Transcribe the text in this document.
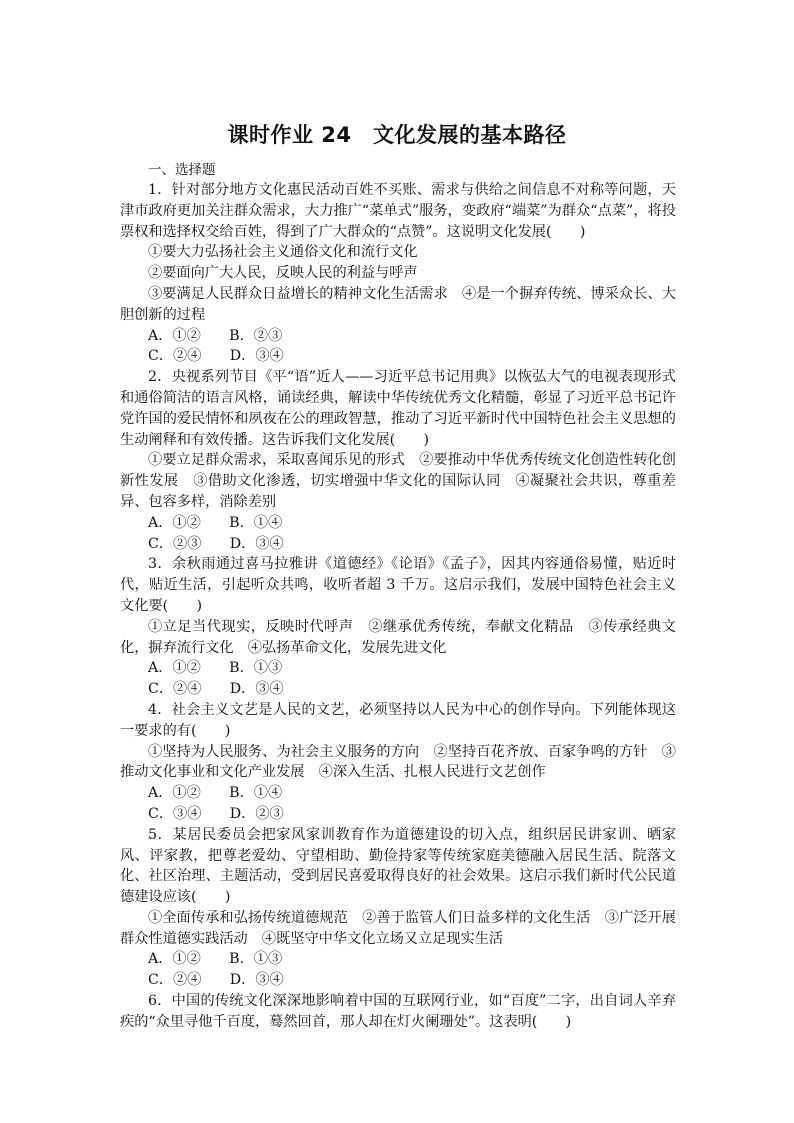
课时作业 24　文化发展的基本路径
一、选择题

1．针对部分地方文化惠民活动百姓不买账、需求与供给之间信息不对称等问题，天津市政府更加关注群众需求，大力推广“菜单式”服务，变政府“端菜”为群众“点菜”，将投票权和选择权交给百姓，得到了广大群众的“点赞”。这说明文化发展(　　)

①要大力弘扬社会主义通俗文化和流行文化

②要面向广大人民，反映人民的利益与呼声

③要满足人民群众日益增长的精神文化生活需求　④是一个摒弃传统、博采众长、大胆创新的过程

A．①②　　B．②③

C．②④　　D．③④

2．央视系列节目《平“语”近人——习近平总书记用典》以恢弘大气的电视表现形式和通俗简洁的语言风格，诵读经典，解读中华传统优秀文化精髓，彰显了习近平总书记许党许国的爱民情怀和夙夜在公的理政智慧，推动了习近平新时代中国特色社会主义思想的生动阐释和有效传播。这告诉我们文化发展(　　)

①要立足群众需求，采取喜闻乐见的形式　②要推动中华优秀传统文化创造性转化创新性发展　③借助文化渗透，切实增强中华文化的国际认同　④凝聚社会共识，尊重差异、包容多样，消除差别

A．①②　　B．①④

C．②③　　D．③④

3．余秋雨通过喜马拉雅讲《道德经》《论语》《孟子》，因其内容通俗易懂，贴近时代，贴近生活，引起听众共鸣，收听者超 3 千万。这启示我们，发展中国特色社会主义文化要(　　)

①立足当代现实，反映时代呼声　②继承优秀传统，奉献文化精品　③传承经典文化，摒弃流行文化　④弘扬革命文化，发展先进文化

A．①②　　B．①③

C．②④　　D．③④

4．社会主义文艺是人民的文艺，必须坚持以人民为中心的创作导向。下列能体现这一要求的有(　　)

①坚持为人民服务、为社会主义服务的方向　②坚持百花齐放、百家争鸣的方针　③推动文化事业和文化产业发展　④深入生活、扎根人民进行文艺创作

A．①②　　B．①④

C．③④　　D．②③

5．某居民委员会把家风家训教育作为道德建设的切入点，组织居民讲家训、晒家风、评家教，把尊老爱幼、守望相助、勤俭持家等传统家庭美德融入居民生活、院落文化、社区治理、主题活动，受到居民喜爱取得良好的社会效果。这启示我们新时代公民道德建设应该(　　)

①全面传承和弘扬传统道德规范　②善于监管人们日益多样的文化生活　③广泛开展群众性道德实践活动　④既坚守中华文化立场又立足现实生活

A．①②　　B．①③

C．②④　　D．③④

6．中国的传统文化深深地影响着中国的互联网行业，如“百度”二字，出自词人辛弃疾的“众里寻他千百度，蓦然回首，那人却在灯火阑珊处”。这表明(　　)
